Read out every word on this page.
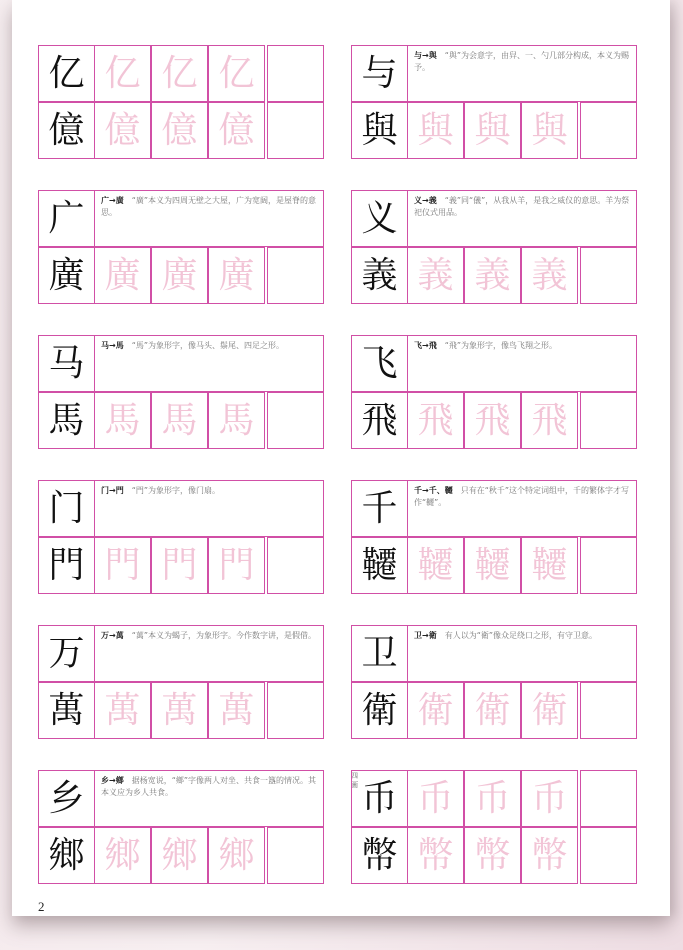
亿 亿 亿 亿
億 億 億 億
与	与→與 “與”为会意字，由舁、一、勺几部分构成，本义为赐予。
與 與 與 與
广	广→廣 “廣”本义为四周无壁之大屋，广为宽阔，是屋脊的意思。
廣 廣 廣 廣
义	义→義 “義”同“儀”，从我从羊，是我之威仪的意思。羊为祭祀仪式用品。
義 義 義 義
马	马→馬 “馬”为象形字，像马头、鬃尾、四足之形。
馬 馬 馬 馬
飞	飞→飛 “飛”为象形字，像鸟飞翔之形。
飛 飛 飛 飛
门	门→門 “門”为象形字，像门扇。
門 門 門 門
千	千→千、韆 只有在“秋千”这个特定词组中，千的繁体字才写作“韆”。
韆 韆 韆 韆
万	万→萬 “萬”本义为蝎子，为象形字。今作数字讲，是假借。
萬 萬 萬 萬
卫	卫→衛 有人以为“衛”像众足绕口之形，有守卫意。
衛 衛 衛 衛
乡	乡→鄉 据杨宽说，“鄉”字像两人对坐、共食一簋的情况。其本义应为乡人共食。
鄉 鄉 鄉 鄉
四画 币 币 币 币
幣 幣 幣 幣
2
